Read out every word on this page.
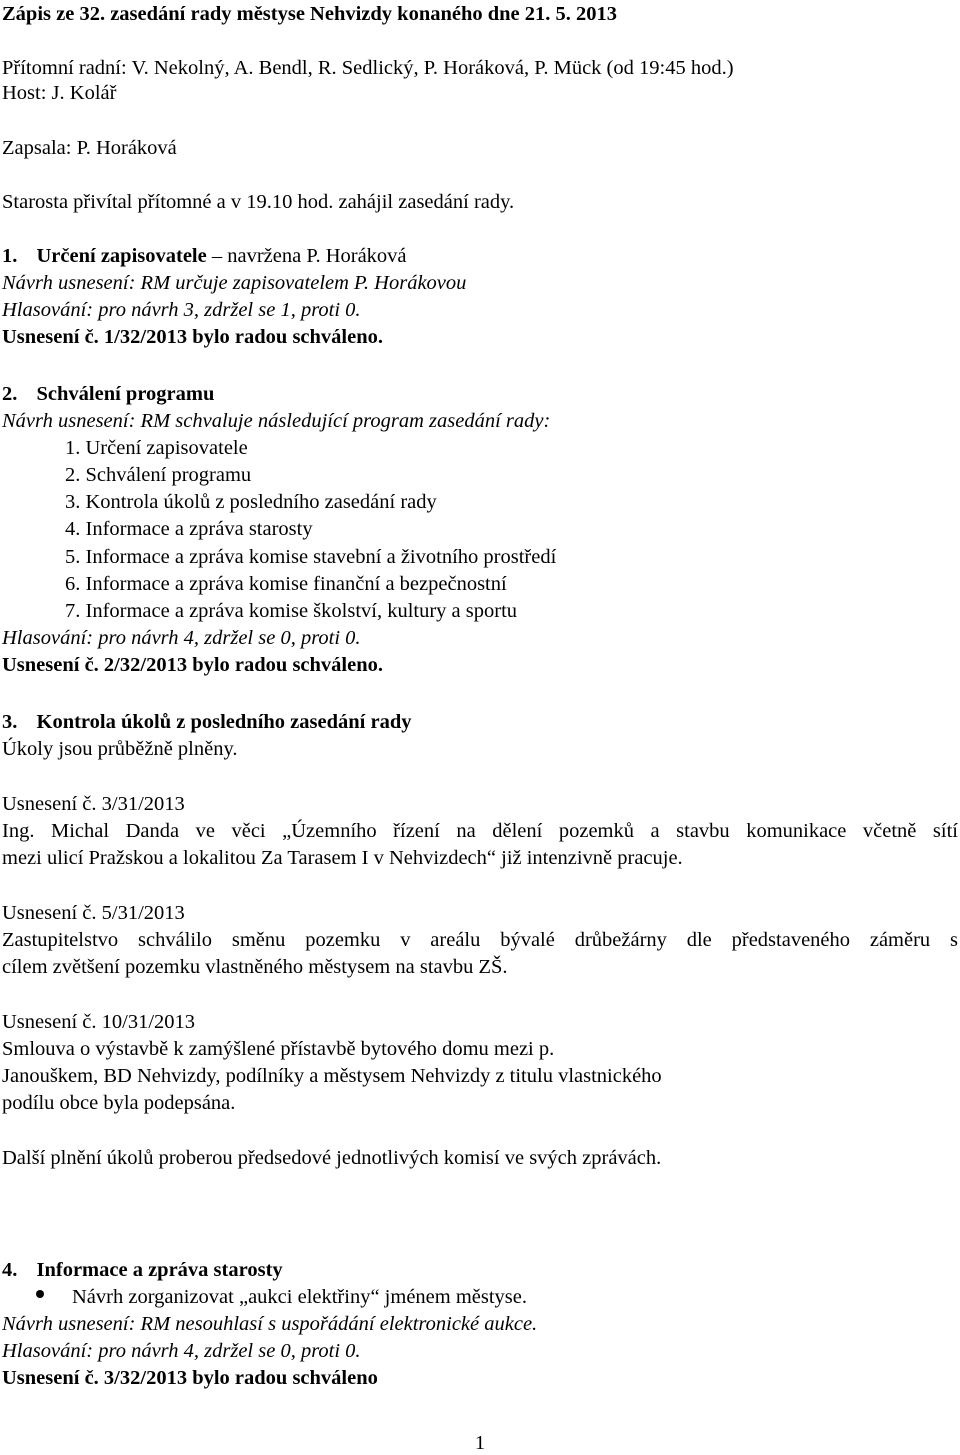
Zápis ze 32. zasedání rady městyse Nehvizdy konaného dne 21. 5. 2013
Přítomní radní: V. Nekolný, A. Bendl, R. Sedlický, P. Horáková, P. Mück (od 19:45 hod.)
Host: J. Kolář
Zapsala: P. Horáková
Starosta přivítal přítomné a v 19.10 hod. zahájil zasedání rady.
1. Určení zapisovatele – navržena P. Horáková
Návrh usnesení: RM určuje zapisovatelem P. Horákovou
Hlasování: pro návrh 3, zdržel se 1, proti 0.
Usnesení č. 1/32/2013 bylo radou schváleno.
2. Schválení programu
Návrh usnesení: RM schvaluje následující program zasedání rady:
1. Určení zapisovatele
2. Schválení programu
3. Kontrola úkolů z posledního zasedání rady
4. Informace a zpráva starosty
5. Informace a zpráva komise stavební a životního prostředí
6. Informace a zpráva komise finanční a bezpečnostní
7. Informace a zpráva komise školství, kultury a sportu
Hlasování: pro návrh 4, zdržel se 0, proti 0.
Usnesení č. 2/32/2013 bylo radou schváleno.
3. Kontrola úkolů z posledního zasedání rady
Úkoly jsou průběžně plněny.
Usnesení č. 3/31/2013
Ing. Michal Danda ve věci „Územního řízení na dělení pozemků a stavbu komunikace včetně sítí
mezi ulicí Pražskou a lokalitou Za Tarasem I v Nehvizdech“ již intenzivně pracuje.
Usnesení č. 5/31/2013
Zastupitelstvo schválilo směnu pozemku v areálu bývalé drůbežárny dle představeného záměru s
cílem zvětšení pozemku vlastněného městysem na stavbu ZŠ.
Usnesení č. 10/31/2013
Smlouva o výstavbě k zamýšlené přístavbě bytového domu mezi p.
Janouškem, BD Nehvizdy, podílníky a městysem Nehvizdy z titulu vlastnického
podílu obce byla podepsána.
Další plnění úkolů proberou předsedové jednotlivých komisí ve svých zprávách.
4. Informace a zpráva starosty
Návrh zorganizovat „aukci elektřiny“ jménem městyse.
Návrh usnesení: RM nesouhlasí s uspořádání elektronické aukce.
Hlasování: pro návrh 4, zdržel se 0, proti 0.
Usnesení č. 3/32/2013 bylo radou schváleno
1
